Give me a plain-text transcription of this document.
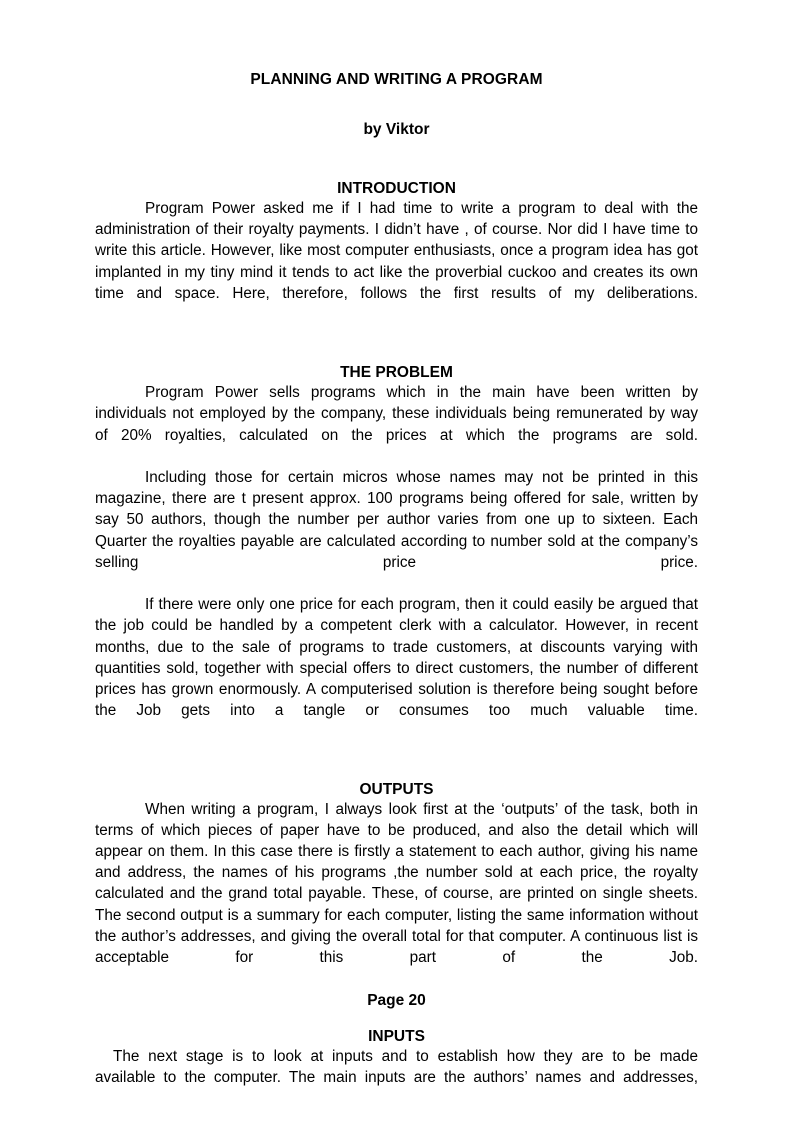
PLANNING AND WRITING A PROGRAM
by Viktor
INTRODUCTION

Program Power asked me if I had time to write a program to deal with the administration of their royalty payments. I didn’t have , of course. Nor did I have time to write this article. However, like most computer enthusiasts, once a program idea has got implanted in my tiny mind it tends to act like the proverbial cuckoo and creates its own time and space. Here, therefore, follows the first results of my deliberations.

THE PROBLEM

Program Power sells programs which in the main have been written by individuals not employed by the company, these individuals being remunerated by way of 20% royalties, calculated on the prices at which the programs are sold.

Including those for certain micros whose names may not be printed in this magazine, there are t present approx. 100 programs being offered for sale, written by say 50 authors, though the number per author varies from one up to sixteen. Each Quarter the royalties payable are calculated according to number sold at the company’s selling price price.

If there were only one price for each program, then it could easily be argued that the job could be handled by a competent clerk with a calculator. However, in recent months, due to the sale of programs to trade customers, at discounts varying with quantities sold, together with special offers to direct customers, the number of different prices has grown enormously. A computerised solution is therefore being sought before the Job gets into a tangle or consumes too much valuable time.

OUTPUTS

When writing a program, I always look first at the ‘outputs’ of the task, both in terms of which pieces of paper have to be produced, and also the detail which will appear on them. In this case there is firstly a statement to each author, giving his name and address, the names of his programs ,the number sold at each price, the royalty calculated and the grand total payable. These, of course, are printed on single sheets. The second output is a summary for each computer, listing the same information without the author’s addresses, and giving the overall total for that computer. A continuous list is acceptable for this part of the Job.

INPUTS

The next stage is to look at inputs and to establish how they are to be made available to the computer. The main inputs are the authors’ names and addresses,

Page 20
